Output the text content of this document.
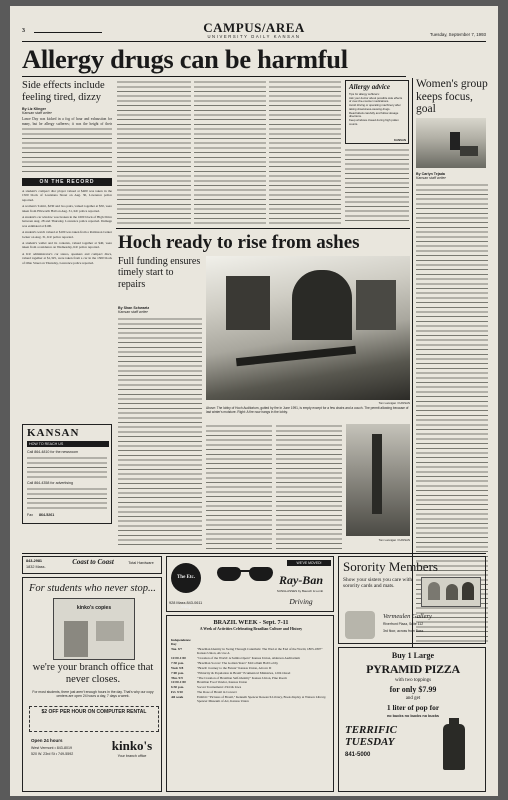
3	CAMPUS/AREA
UNIVERSITY DAILY KANSAN	Tuesday, September 7, 1993
Allergy drugs can be harmful
Side effects include feeling tired, dizzy
By Liz Klinger
Kansan staff writer
Lance Day was kicked in a fog of hour and exhaustion for many, but he allergy sufferers; it was the height of their
Allergy advice
Tips for allergy sufferers:
Ask your doctor about possible side effects of over-the-counter medications.
Avoid driving or operating machinery after taking drowsiness-causing drugs.
Read labels carefully and follow dosage directions.
Keep windows closed during high pollen counts.
KANSAN
Women's group keeps focus, goal
By Carlyn Tejada
Kansan staff writer
ON THE RECORD
A student's compact disc player valued at $400 was taken in the 1500 block of Louisiana Street on Aug. 30, Lawrence police reported.
A woman's T-shirt, $230 and two pairs, valued together at $50, were taken from Ellsworth Hall on Aug. 31, KU police reported.
A student's car window was broken in the 1600 block of High Drive between Aug. 28 and Thursday, Lawrence police reported. Damage was estimated at $100.
A student's watch valued at $100 was taken from a Robinson Center locker on Aug. 31, KU police reported.
A student's wallet and its contents, valued together at $40, were taken from a residence on Wednesday, KU police reported.
A KU administrator's car stereo, speakers and compact discs, valued together at $1,325, were taken from a car in the 1300 block of Ohio Street on Thursday, Lawrence police reported.
KANSAN
HOW TO REACH US
Call 864-4810 for the newsroom
Call 864-4358 for advertising
Fax 864-5261
Hoch ready to rise from ashes
Full funding ensures timely start to repairs
By Shan Schwartz
Kansan staff writer
Tom Lannigan / KANSAN
Above: The lobby of Hoch Auditorium, gutted by fire in June 1991, is empty except for a few chairs and a couch. The permit allowing because of last winter's moisture. Right: A fire now hangs in the lobby.
Tom Lannigan / KANSAN
843-2981
1832 Mass.
Coast to Coast	Total Hardware
For students who never stop...
kinko's copies
we're your branch office that never closes.
For most students, there just aren't enough hours in the day. That's why our copy centers are open 24 hours a day, 7 days a week.
$2 OFF PER HOUR ON COMPUTER RENTAL
Open 24 hours
West Vermont • 843-8019
520 W. 23rd St • 749-5592
kinko's
Your branch office
The Etc. Shop
928 Mass 843-0611
WE'VE MOVED!
Ray-Ban
SUNGLASSES by Bausch & Lomb
Driving
BRAZIL WEEK - Sept. 7-11
A Week of Activities Celebrating Brazilian Culture and History
Independence Day
Tue. 9/7	"Brazilian Identity in Swing Through Cannibals: The Wed at the End of the World, 1803-1807" Kansas Union, Alcove A
12:00-1:00	"Creation of the World: A Samba Opera" Kansas Union, Alderson Auditorium
7:30 p.m.	"Brazilian Soccer: The Golden Years" McCollum Hall Lobby
Wed. 9/8	"Brazil: Journey to the Future" Kansas Union, Alcove D
7:00 p.m.	"Ethnicity & Population in Brazil" Ecumenical Ministries, 1204 Oread
Thu. 9/9	"The Creation of Brazilian Self-Identity" Kansas Union, Pine Room
12:00-1:00	Brazilian Food Vendor, Kansas Union
6:30 p.m.	Soccer Tournament: 23rd & Iowa
Fri. 9/10	The Rose of Brazil in Concert
All week	Exhibit: "Pictures of Brazil," Kenneth Spencer Research Library, Book display at Watson Library, Spencer Museum of Art, Kansas Union
Sorority Members
Show your sisters you care with sorority cards and mats.
Vermeulen Gallery
Riverfront Plaza, Suite 112
3rd floor, across from Bass
Buy 1 Large
PYRAMID PIZZA
with two toppings
for only $7.99
and get
1 liter of pop for
no bucks no bucks no bucks
TERRIFIC TUESDAY
841-5000
